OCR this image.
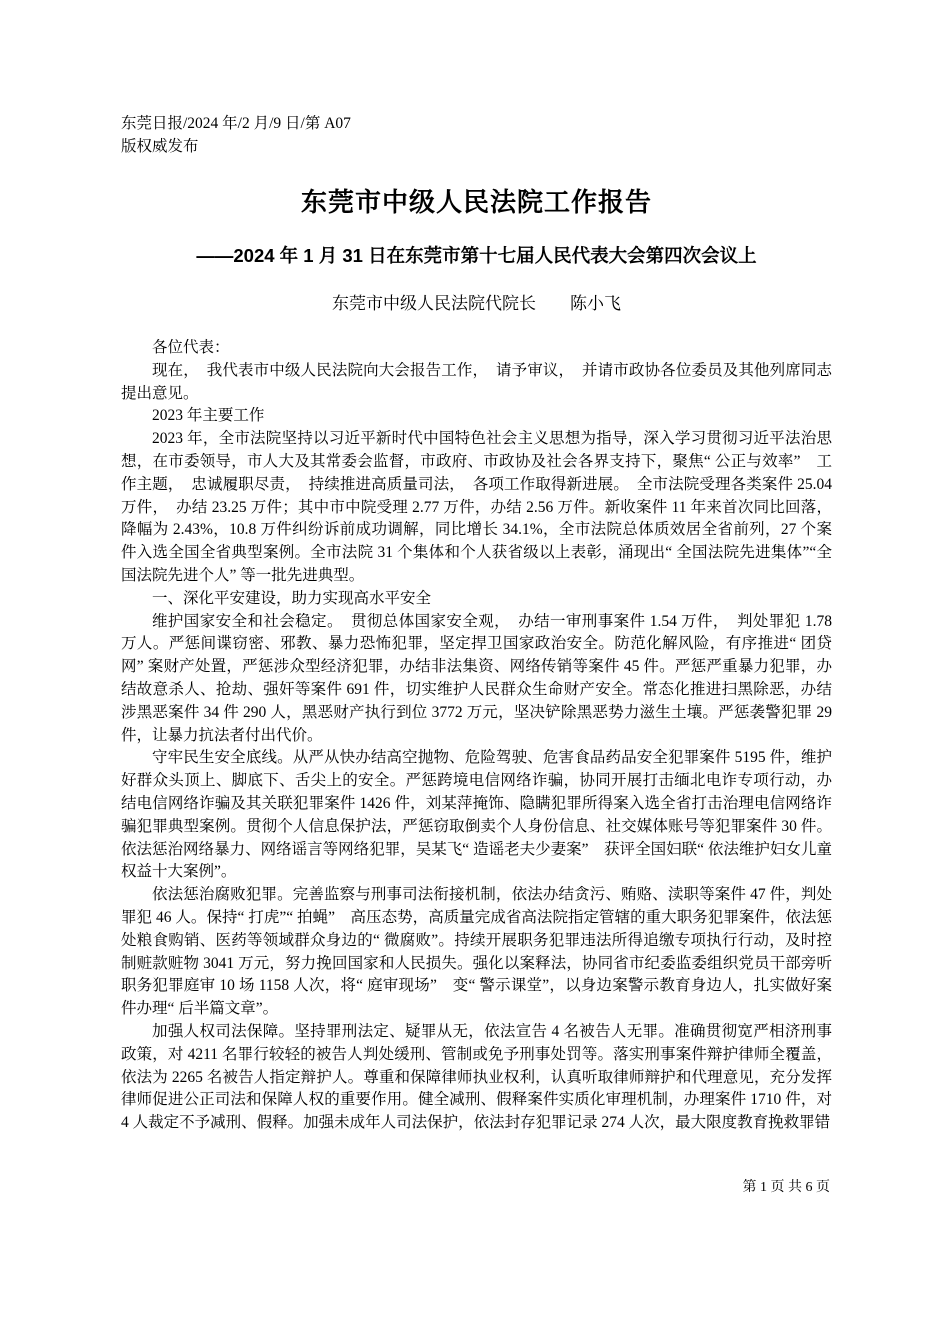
东莞日报/2024 年/2 月/9 日/第 A07
版权威发布
东莞市中级人民法院工作报告
——2024 年 1 月 31 日在东莞市第十七届人民代表大会第四次会议上
东莞市中级人民法院代院长　　陈小飞

各位代表：

现在，　我代表市中级人民法院向大会报告工作，　请予审议，　并请市政协各位委员及其他列席同志提出意见。

2023 年主要工作

2023 年，全市法院坚持以习近平新时代中国特色社会主义思想为指导，深入学习贯彻习近平法治思想，在市委领导，市人大及其常委会监督，市政府、市政协及社会各界支持下，聚焦“ 公正与效率”　工作主题，　忠诚履职尽责，　持续推进高质量司法，　各项工作取得新进展。　全市法院受理各类案件 25.04 万件，　办结 23.25 万件；其中市中院受理 2.77 万件，办结 2.56 万件。新收案件 11 年来首次同比回落，降幅为 2.43%，10.8 万件纠纷诉前成功调解，同比增长 34.1%，全市法院总体质效居全省前列，27 个案件入选全国全省典型案例。全市法院 31 个集体和个人获省级以上表彰，涌现出“ 全国法院先进集体”“全国法院先进个人” 等一批先进典型。

一、深化平安建设，助力实现高水平安全

维护国家安全和社会稳定。　贯彻总体国家安全观，　办结一审刑事案件 1.54 万件，　判处罪犯 1.78 万人。严惩间谍窃密、邪教、暴力恐怖犯罪，坚定捍卫国家政治安全。防范化解风险，有序推进“ 团贷网” 案财产处置，严惩涉众型经济犯罪，办结非法集资、网络传销等案件 45 件。严惩严重暴力犯罪，办结故意杀人、抢劫、强奸等案件 691 件，切实维护人民群众生命财产安全。常态化推进扫黑除恶，办结涉黑恶案件 34 件 290 人，黑恶财产执行到位 3772 万元，坚决铲除黑恶势力滋生土壤。严惩袭警犯罪 29 件，让暴力抗法者付出代价。

守牢民生安全底线。从严从快办结高空抛物、危险驾驶、危害食品药品安全犯罪案件 5195 件，维护好群众头顶上、脚底下、舌尖上的安全。严惩跨境电信网络诈骗，协同开展打击缅北电诈专项行动，办结电信网络诈骗及其关联犯罪案件 1426 件，刘某萍掩饰、隐瞒犯罪所得案入选全省打击治理电信网络诈骗犯罪典型案例。贯彻个人信息保护法，严惩窃取倒卖个人身份信息、社交媒体账号等犯罪案件 30 件。依法惩治网络暴力、网络谣言等网络犯罪，吴某飞“ 造谣老夫少妻案”　获评全国妇联“ 依法维护妇女儿童权益十大案例”。

依法惩治腐败犯罪。完善监察与刑事司法衔接机制，依法办结贪污、贿赂、渎职等案件 47 件，判处罪犯 46 人。保持“ 打虎”“ 拍蝇”　高压态势，高质量完成省高法院指定管辖的重大职务犯罪案件，依法惩处粮食购销、医药等领域群众身边的“ 微腐败”。持续开展职务犯罪违法所得追缴专项执行行动，及时控制赃款赃物 3041 万元，努力挽回国家和人民损失。强化以案释法，协同省市纪委监委组织党员干部旁听职务犯罪庭审 10 场 1158 人次，将“ 庭审现场”　变“ 警示课堂”，以身边案警示教育身边人，扎实做好案件办理“ 后半篇文章”。

加强人权司法保障。坚持罪刑法定、疑罪从无，依法宣告 4 名被告人无罪。准确贯彻宽严相济刑事政策，对 4211 名罪行较轻的被告人判处缓刑、管制或免予刑事处罚等。落实刑事案件辩护律师全覆盖，依法为 2265 名被告人指定辩护人。尊重和保障律师执业权利，认真听取律师辩护和代理意见，充分发挥律师促进公正司法和保障人权的重要作用。健全减刑、假释案件实质化审理机制，办理案件 1710 件，对 4 人裁定不予减刑、假释。加强未成年人司法保护，依法封存犯罪记录 274 人次，最大限度教育挽救罪错

第 1 页 共 6 页
